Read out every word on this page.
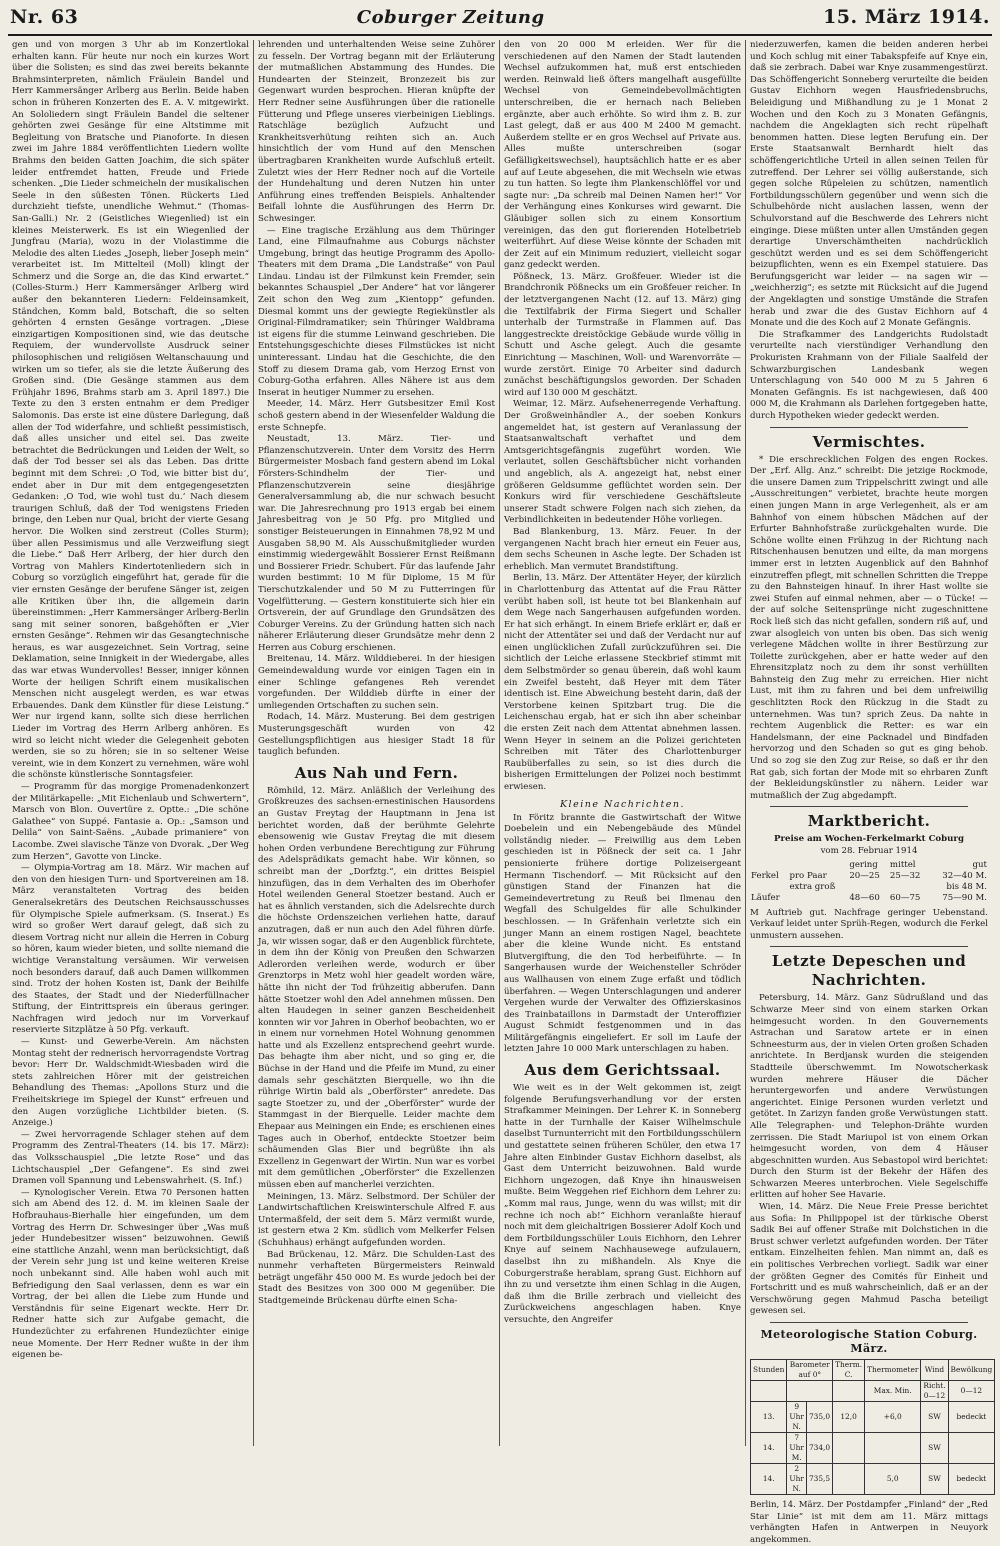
Nr. 63	Coburger Zeitung	15. März 1914.

gen und von morgen 3 Uhr ab im Konzertlokal erhalten kann. Für heute nur noch ein kurzes Wort über die Solisten; es sind das zwei bereits bekannte Brahmsinterpreten, nämlich Fräulein Bandel und Herr Kammersänger Arlberg aus Berlin. Beide haben schon in früheren Konzerten des E. A. V. mitgewirkt. An Sololiedern singt Fräulein Bandel die seltener gehörten zwei Gesänge für eine Altstimme mit Begleitung von Bratsche und Pianoforte. In diesen zwei im Jahre 1884 veröffentlichten Liedern wollte Brahms den beiden Gatten Joachim, die sich später leider entfremdet hatten, Freude und Friede schenken. „Die Lieder schmeicheln der musikalischen Seele in den süßesten Tönen. Rückerts Lied durchzieht tiefste, unendliche Wehmut.“ (Thomas-San-Galli.) Nr. 2 (Geistliches Wiegenlied) ist ein kleines Meisterwerk. Es ist ein Wiegenlied der Jungfrau (Maria), wozu in der Violastimme die Melodie des alten Liedes „Joseph, lieber Joseph mein“ verarbeitet ist. Im Mittelteil (Moll) klingt der Schmerz und die Sorge an, die das Kind erwartet.“ (Colles-Sturm.) Herr Kammersänger Arlberg wird außer den bekannteren Liedern: Feldeinsamkeit, Ständchen, Komm bald, Botschaft, die so selten gehörten 4 ernsten Gesänge vortragen. „Diese einzigartigen Kompositionen sind, wie das deutsche Requiem, der wundervollste Ausdruck seiner philosophischen und religiösen Weltanschauung und wirken um so tiefer, als sie die letzte Äußerung des Großen sind. (Die Gesänge stammen aus dem Frühjahr 1896, Brahms starb am 3. April 1897.) Die Texte zu den 3 ersten entnahm er dem Prediger Salomonis. Das erste ist eine düstere Darlegung, daß allen der Tod widerfahre, und schließt pessimistisch, daß alles unsicher und eitel sei. Das zweite betrachtet die Bedrückungen und Leiden der Welt, so daß der Tod besser sei als das Leben. Das dritte beginnt mit dem Schrei: ‚O Tod, wie bitter bist du‘, endet aber in Dur mit dem entgegengesetzten Gedanken: ‚O Tod, wie wohl tust du.‘ Nach diesem traurigen Schluß, daß der Tod wenigstens Frieden bringe, den Leben nur Qual, bricht der vierte Gesang hervor. Die Wolken sind zerstreut (Colles Sturm); über allen Pessimismus und alle Verzweiflung siegt die Liebe.“ Daß Herr Arlberg, der hier durch den Vortrag von Mahlers Kindertotenliedern sich in Coburg so vorzüglich eingeführt hat, gerade für die vier ernsten Gesänge der berufene Sänger ist, zeigen alle Kritiken über ihn, die allgemein darin übereinstimmen: „Herr Kammersänger Arlberg-Berlin sang mit seiner sonoren, baßgehöften er „Vier ernsten Gesänge“. Rehmen wir das Gesangtechnische heraus, es war ausgezeichnet. Sein Vortrag, seine Deklamation, seine Innigkeit in der Wiedergabe, alles das war etwas Wundervolles! Besser, inniger können Worte der heiligen Schrift einem musikalischen Menschen nicht ausgelegt werden, es war etwas Erbauendes. Dank dem Künstler für diese Leistung.“ Wer nur irgend kann, sollte sich diese herrlichen Lieder im Vortrag des Herrn Arlberg anhören. Es wird so leicht nicht wieder die Gelegenheit geboten werden, sie so zu hören; sie in so seltener Weise vereint, wie in dem Konzert zu vernehmen, wäre wohl die schönste künstlerische Sonntagsfeier.

— Programm für das morgige Promenadenkonzert der Militärkapelle: „Mit Eichenlaub und Schwertern“, Marsch von Blon. Ouvertüre z. Optte.: „Die schöne Galathee“ von Suppé. Fantasie a. Op.: „Samson und Delila“ von Saint-Saëns. „Aubade primaniere“ von Lacombe. Zwei slavische Tänze von Dvorak. „Der Weg zum Herzen“, Gavotte von Lincke.

— Olympia-Vortrag am 18. März. Wir machen auf den von den hiesigen Turn- und Sportvereinen am 18. März veranstalteten Vortrag des beiden Generalsekretärs des Deutschen Reichsausschusses für Olympische Spiele aufmerksam. (S. Inserat.) Es wird so großer Wert darauf gelegt, daß sich zu diesem Vortrag nicht nur allein die Herren in Coburg so hören, kaum wieder bieten, und sollte niemand die wichtige Veranstaltung versäumen. Wir verweisen noch besonders darauf, daß auch Damen willkommen sind. Trotz der hohen Kosten ist, Dank der Beihilfe des Staates, der Stadt und der Niederfüllnacher Stiftung, der Eintrittspreis ein überaus geringer. Nachfragen wird jedoch nur im Vorverkauf reservierte Sitzplätze à 50 Pfg. verkauft.

— Kunst- und Gewerbe-Verein. Am nächsten Montag steht der rednerisch hervorragendste Vortrag bevor: Herr Dr. Waldschmidt-Wiesbaden wird die stets zahlreichen Hörer mit der geistreichen Behandlung des Themas: „Apollons Sturz und die Freiheitskriege im Spiegel der Kunst“ erfreuen und den Augen vorzügliche Lichtbilder bieten. (S. Anzeige.)

— Zwei hervorragende Schlager stehen auf dem Programm des Zentral-Theaters (14. bis 17. März): das Volksschauspiel „Die letzte Rose“ und das Lichtschauspiel „Der Gefangene“. Es sind zwei Dramen voll Spannung und Lebenswahrheit. (S. Inf.)

— Kynologischer Verein. Etwa 70 Personen hatten sich am Abend des 12. d. M. im kleinen Saale der Hofbrauhaus-Bierhalle hier eingefunden, um dem Vortrag des Herrn Dr. Schwesinger über „Was muß jeder Hundebesitzer wissen“ beizuwohnen. Gewiß eine stattliche Anzahl, wenn man berücksichtigt, daß der Verein sehr jung ist und keine weiteren Kreise noch unbekannt sind. Alle haben wohl auch mit Befriedigung den Saal verlassen, denn es war ein Vortrag, der bei allen die Liebe zum Hunde und Verständnis für seine Eigenart weckte. Herr Dr. Redner hatte sich zur Aufgabe gemacht, die Hundezüchter zu erfahrenen Hundezüchter einige neue Momente. Der Herr Redner wußte in der ihm eigenen be-

lehrenden und unterhaltenden Weise seine Zuhörer zu fesseln. Der Vortrag begann mit der Erläuterung der mutmaßlichen Abstammung des Hundes. Die Hundearten der Steinzeit, Bronzezeit bis zur Gegenwart wurden besprochen. Hieran knüpfte der Herr Redner seine Ausführungen über die rationelle Fütterung und Pflege unseres vierbeinigen Lieblings. Ratschläge bezüglich Aufzucht und Krankheitsverhütung reihten sich an. Auch hinsichtlich der vom Hund auf den Menschen übertragbaren Krankheiten wurde Aufschluß erteilt. Zuletzt wies der Herr Redner noch auf die Vorteile der Hundehaltung und deren Nutzen hin unter Anführung eines treffenden Beispiels. Anhaltender Beifall lohnte die Ausführungen des Herrn Dr. Schwesinger.

— Eine tragische Erzählung aus dem Thüringer Land, eine Filmaufnahme aus Coburgs nächster Umgebung, bringt das heutige Programm des Apollo-Theaters mit dem Drama „Die Landstraße“ von Paul Lindau. Lindau ist der Filmkunst kein Fremder, sein bekanntes Schauspiel „Der Andere“ hat vor längerer Zeit schon den Weg zum „Kientopp“ gefunden. Diesmal kommt uns der gewiegte Regiekünstler als Original-Filmdramatiker; sein Thüringer Waldbrama ist eigens für die stumme Leinwand geschrieben. Die Entstehungsgeschichte dieses Filmstückes ist nicht uninteressant. Lindau hat die Geschichte, die den Stoff zu diesem Drama gab, vom Herzog Ernst von Coburg-Gotha erfahren. Alles Nähere ist aus dem Inserat in heutiger Nummer zu ersehen.

Meeder, 14. März. Herr Gutsbesitzer Emil Kost schoß gestern abend in der Wiesenfelder Waldung die erste Schnepfe.

Neustadt, 13. März. Tier- und Pflanzenschutzverein. Unter dem Vorsitz des Herrn Bürgermeister Mosbach fand gestern abend im Lokal Försters-Schindhelm der Tier- und Pflanzenschutzverein seine diesjährige Generalversammlung ab, die nur schwach besucht war. Die Jahresrechnung pro 1913 ergab bei einem Jahresbeitrag von je 50 Pfg. pro Mitglied und sonstiger Beisteuerungen in Einnahmen 78,92 M und Ausgaben 58,90 M. Als Ausschußmitglieder wurden einstimmig wiedergewählt Bossierer Ernst Reißmann und Bossierer Friedr. Schubert. Für das laufende Jahr wurden bestimmt: 10 M für Diplome, 15 M für Tierschutzkalender und 50 M zu Futterringen für Vogelfütterung. — Gestern konstituierte sich hier ein Ortsverein, der auf Grundlage den Grundsätzen des Coburger Vereins. Zu der Gründung hatten sich nach näherer Erläuterung dieser Grundsätze mehr denn 2 Herren aus Coburg erschienen.

Breitenau, 14. März. Wilddieberei. In der hiesigen Gemeindewaldung wurde vor einigen Tagen ein in einer Schlinge gefangenes Reh verendet vorgefunden. Der Wilddieb dürfte in einer der umliegenden Ortschaften zu suchen sein.

Rodach, 14. März. Musterung. Bei dem gestrigen Musterungsgeschäft wurden von 42 Gestellungspflichtigen aus hiesiger Stadt 18 für tauglich befunden.

Aus Nah und Fern.

Römhild, 12. März. Anläßlich der Verleihung des Großkreuzes des sachsen-ernestinischen Hausordens an Gustav Freytag der Hauptmann in Jena ist berichtet worden, daß der berühmte Gelehrte ebensowenig wie Gustav Freytag die mit diesem hohen Orden verbundene Berechtigung zur Führung des Adelsprädikats gemacht habe. Wir können, so schreibt man der „Dorfztg.“, ein drittes Beispiel hinzufügen, das in dem Verhalten des im Oberhofer Hotel weilenden General Stoetzer bestand. Auch er hat es ähnlich verstanden, sich die Adelsrechte durch die höchste Ordenszeichen verliehen hatte, darauf anzutragen, daß er nun auch den Adel führen dürfe. Ja, wir wissen sogar, daß er den Augenblick fürchtete, in dem ihn der König von Preußen den Schwarzen Adlerorden verleihen werde, wodurch er über Grenztorps in Metz wohl hier geadelt worden wäre, hätte ihn nicht der Tod frühzeitig abberufen. Dann hätte Stoetzer wohl den Adel annehmen müssen. Den alten Haudegen in seiner ganzen Bescheidenheit konnten wir vor Jahren in Oberhof beobachten, wo er in einem nur vornehmen Hotel Wohnung genommen hatte und als Exzellenz entsprechend geehrt wurde. Das behagte ihm aber nicht, und so ging er, die Büchse in der Hand und die Pfeife im Mund, zu einer damals sehr geschätzten Bierquelle, wo ihn die rührige Wirtin bald als „Oberförster“ anredete. Das sagte Stoetzer zu, und der „Oberförster“ wurde der Stammgast in der Bierquelle. Leider machte dem Ehepaar aus Meiningen ein Ende; es erschienen eines Tages auch in Oberhof, entdeckte Stoetzer beim schäumenden Glas Bier und begrüßte ihn als Exzellenz in Gegenwart der Wirtin. Nun war es vorbei mit dem gemütlichen „Oberförster“ die Exzellenzen müssen eben auf mancherlei verzichten.

Meiningen, 13. März. Selbstmord. Der Schüler der Landwirtschaftlichen Kreiswinterschule Alfred F. aus Untermaßfeld, der seit dem 5. März vermißt wurde, ist gestern etwa 2 Km. südlich vom Melkerfer Felsen (Schuhhaus) erhängt aufgefunden worden.

Bad Brückenau, 12. März. Die Schulden-Last des nunmehr verhafteten Bürgermeisters Reinwald beträgt ungefähr 450 000 M. Es wurde jedoch bei der Stadt des Besitzes von 300 000 M gegenüber. Die Stadtgemeinde Brückenau dürfte einen Scha-

den von 20 000 M erleiden. Wer für die verschiedenen auf den Namen der Stadt lautenden Wechsel aufzukommen hat, muß erst entschieden werden. Reinwald ließ öfters mangelhaft ausgefüllte Wechsel von Gemeindebevollmächtigten unterschreiben, die er hernach nach Belieben ergänzte, aber auch erhöhte. So wird ihm z. B. zur Last gelegt, daß er aus 400 M 2400 M gemacht. Außerdem stellte er en gros Wechsel auf Private aus. Alles mußte unterschreiben (sogar Gefälligkeitswechsel), hauptsächlich hatte er es aber auf auf Leute abgesehen, die mit Wechseln wie etwas zu tun hatten. So legte ihm Plankenschlöffel vor und sagte nur: „Da schreib mal Deinen Namen her!“ Vor der Verhängung eines Konkurses wird gewarnt. Die Gläubiger sollen sich zu einem Konsortium vereinigen, das den gut florierenden Hotelbetrieb weiterführt. Auf diese Weise könnte der Schaden mit der Zeit auf ein Minimum reduziert, vielleicht sogar ganz gedeckt werden.

Pößneck, 13. März. Großfeuer. Wieder ist die Brandchronik Pößnecks um ein Großfeuer reicher. In der letztvergangenen Nacht (12. auf 13. März) ging die Textilfabrik der Firma Siegert und Schaller unterhalb der Turmstraße in Flammen auf. Das langgestreckte dreistöckige Gebäude wurde völlig in Schutt und Asche gelegt. Auch die gesamte Einrichtung — Maschinen, Woll- und Warenvorräte — wurde zerstört. Einige 70 Arbeiter sind dadurch zunächst beschäftigungslos geworden. Der Schaden wird auf 130 000 M geschätzt.

Weimar, 12. März. Aufsehenerregende Verhaftung. Der Großweinhändler A., der soeben Konkurs angemeldet hat, ist gestern auf Veranlassung der Staatsanwaltschaft verhaftet und dem Amtsgerichtsgefängnis zugeführt worden. Wie verlautet, sollen Geschäftsbücher nicht vorhanden und angeblich, als A. angezeigt hat, nebst einer größeren Geldsumme geflüchtet worden sein. Der Konkurs wird für verschiedene Geschäftsleute unserer Stadt schwere Folgen nach sich ziehen, da Verbindlichkeiten in bedeutender Höhe vorliegen.

Bad Blankenburg, 13. März. Feuer. In der vergangenen Nacht brach hier erneut ein Feuer aus, dem sechs Scheunen in Asche legte. Der Schaden ist erheblich. Man vermutet Brandstiftung.

Berlin, 13. März. Der Attentäter Heyer, der kürzlich in Charlottenburg das Attentat auf die Frau Rätter verübt haben soll, ist heute tot bei Blankenhain auf dem Wege nach Sangerhausen aufgefunden worden. Er hat sich erhängt. In einem Briefe erklärt er, daß er nicht der Attentäter sei und daß der Verdacht nur auf einen unglücklichen Zufall zurückzuführen sei. Die sichtlich der Leiche erlassene Steckbrief stimmt mit dem Selbstmörder so genau überein, daß wohl kaum ein Zweifel besteht, daß Heyer mit dem Täter identisch ist. Eine Abweichung besteht darin, daß der Verstorbene keinen Spitzbart trug. Die die Leichenschau ergab, hat er sich ihn aber scheinbar die ersten Zeit nach dem Attentat abnehmen lassen. Wenn Heyer in seinem an die Polizei gerichteten Schreiben mit Täter des Charlottenburger Raubüberfalles zu sein, so ist dies durch die bisherigen Ermittelungen der Polizei noch bestimmt erwiesen.

Kleine Nachrichten.

In Föritz brannte die Gastwirtschaft der Witwe Doebelein und ein Nebengebäude des Mündel vollständig nieder. — Freiwillig aus dem Leben geschieden ist in Pößneck der seit ca. 1 Jahr pensionierte frühere dortige Polizeisergeant Hermann Tischendorf. — Mit Rücksicht auf den günstigen Stand der Finanzen hat die Gemeindevertretung zu Reuß bei Ilmenau den Wegfall des Schulgeldes für alle Schulkinder beschlossen. — In Gräfenhain verletzte sich ein junger Mann an einem rostigen Nagel, beachtete aber die kleine Wunde nicht. Es entstand Blutvergiftung, die den Tod herbeiführte. — In Sangerhausen wurde der Weichensteller Schröder aus Wallhausen von einem Zuge erfaßt und tödlich überfahren. — Wegen Unterschlagungen und anderer Vergehen wurde der Verwalter des Offizierskasinos des Trainbataillons in Darmstadt der Unteroffizier August Schmidt festgenommen und in das Militärgefängnis eingeliefert. Er soll im Laufe der letzten Jahre 10 000 Mark unterschlagen zu haben.

Aus dem Gerichtssaal.

Wie weit es in der Welt gekommen ist, zeigt folgende Berufungsverhandlung vor der ersten Strafkammer Meiningen. Der Lehrer K. in Sonneberg hatte in der Turnhalle der Kaiser Wilhelmschule daselbst Turnunterricht mit den Fortbildungsschülern und gestattete seinen früheren Schüler, den etwa 17 Jahre alten Einbinder Gustav Eichhorn daselbst, als Gast dem Unterricht beizuwohnen. Bald wurde Eichhorn ungezogen, daß Knye ihn hinausweisen mußte. Beim Weggehen rief Eichhorn dem Lehrer zu: „Komm mal raus, Junge, wenn du was willst; mit dir rechne ich noch ab!“ Eichhorn veranlaßte hierauf noch mit dem gleichaltrigen Bossierer Adolf Koch und dem Fortbildungsschüler Louis Eichhorn, den Lehrer Knye auf seinem Nachhausewege aufzulauern, daselbst ihn zu mißhandeln. Als Knye die Coburgerstraße herablam, sprang Gust. Eichhorn auf ihn zu und versetzte ihm einen Schlag in die Augen, daß ihm die Brille zerbrach und vielleicht des Zurückweichens angeschlagen haben. Knye versuchte, den Angreifer

niederzuwerfen, kamen die beiden anderen herbei und Koch schlug mit einer Tabakspfeife auf Knye ein, daß sie zerbrach. Dabei war Knye zusammengestürzt. Das Schöffengericht Sonneberg verurteilte die beiden Gustav Eichhorn wegen Hausfriedensbruchs, Beleidigung und Mißhandlung zu je 1 Monat 2 Wochen und den Koch zu 3 Monaten Gefängnis, nachdem die Angeklagten sich recht rüpelhaft benommen hatten. Diese legten Berufung ein. Der Erste Staatsanwalt Bernhardt hielt das schöffengerichtliche Urteil in allen seinen Teilen für zutreffend. Der Lehrer sei völlig außerstande, sich gegen solche Rüpeleien zu schützen, namentlich Fortbildungsschülern gegenüber und wenn sich die Schulbehörde nicht auslachen lassen, wenn der Schulvorstand auf die Beschwerde des Lehrers nicht einginge. Diese müßten unter allen Umständen gegen derartige Unverschämtheiten nachdrücklich geschützt werden und es sei dem Schöffengericht beizupflichten, wenn es ein Exempel statuiere. Das Berufungsgericht war leider — na sagen wir — „weichherzig“; es setzte mit Rücksicht auf die Jugend der Angeklagten und sonstige Umstände die Strafen herab und zwar die des Gustav Eichhorn auf 4 Monate und die des Koch auf 2 Monate Gefängnis.

Die Strafkammer des Landgerichts Rudolstadt verurteilte nach vierstündiger Verhandlung den Prokuristen Krahmann von der Filiale Saalfeld der Schwarzburgischen Landesbank wegen Unterschlagung von 540 000 M zu 5 Jahren 6 Monaten Gefängnis. Es ist nachgewiesen, daß 400 000 M, die Krahmann als Darlehen fortgegeben hatte, durch Hypotheken wieder gedeckt werden.

Vermischtes.

* Die erschrecklichen Folgen des engen Rockes. Der „Erf. Allg. Anz.“ schreibt: Die jetzige Rockmode, die unsere Damen zum Trippelschritt zwingt und alle „Ausschreitungen“ verbietet, brachte heute morgen einen jungen Mann in arge Verlegenheit, als er am Bahnhof von einem hübschen Mädchen auf der Erfurter Bahnhofstraße zurückgehalten wurde. Die Schöne wollte einen Frühzug in der Richtung nach Ritschenhausen benutzen und eilte, da man morgens immer erst in letzten Augenblick auf den Bahnhof einzutreffen pflegt, mit schnellen Schritten die Treppe zu den Bahnsteigen hinauf. In ihrer Hast wollte sie zwei Stufen auf einmal nehmen, aber — o Tücke! — der auf solche Seitensprünge nicht zugeschnittene Rock ließ sich das nicht gefallen, sondern riß auf, und zwar alsogleich von unten bis oben. Das sich wenig verlegene Mädchen wollte in ihrer Bestürzung zur Toilette zurückgehen, aber er hatte weder auf den Ehrensitzplatz noch zu dem ihr sonst verhüllten Bahnsteig den Zug mehr zu erreichen. Hier nicht Lust, mit ihm zu fahren und bei dem unfreiwillig geschlitzten Rock den Rückzug in die Stadt zu unternehmen. Was tun? sprich Zeus. Da nahte in rechtem Augenblick die Retter: es war ein Handelsmann, der eine Packnadel und Bindfaden hervorzog und den Schaden so gut es ging behob. Und so zog sie den Zug zur Reise, so daß er ihr den Rat gab, sich fortan der Mode mit so ehrbaren Zunft der Bekleidungskünstler zu nähern. Leider war mutmaßlich der Zug abgedampft.

Marktbericht.

Preise am Wochen-Ferkelmarkt Coburg

vom 28. Februar 1914

		gering	mittel	gut
Ferkel	pro Paar	20—25	25—32	32—40 M.
	extra groß			bis 48 M.
Läufer		48—60	60—75	75—90 M.

M Auftrieb gut. Nachfrage geringer Uebenstand. Verkauf leidet unter Sprüh-Regen, wodurch die Ferkel unmustern aussehen.

Letzte Depeschen und Nachrichten.

Petersburg, 14. März. Ganz Südrußland und das Schwarze Meer sind von einem starken Orkan heimgesucht worden. In den Gouvernements Astrachan und Saratow artete er in einen Schneesturm aus, der in vielen Orten großen Schaden anrichtete. In Berdjansk wurden die steigenden Stadtteile überschwemmt. Im Nowotscherkask wurden mehrere Häuser die Dächer heruntergeworfen und andere Verwüstungen angerichtet. Einige Personen wurden verletzt und getötet. In Zarizyn fanden große Verwüstungen statt. Alle Telegraphen- und Telephon-Drähte wurden zerrissen. Die Stadt Mariupol ist von einem Orkan heimgesucht worden, von dem 4 Häuser abgeschnitten wurden. Aus Sebastopol wird berichtet: Durch den Sturm ist der Bekehr der Häfen des Schwarzen Meeres unterbrochen. Viele Segelschiffe erlitten auf hoher See Havarie.

Wien, 14. März. Die Neue Freie Presse berichtet aus Sofia: In Philippopel ist der türkische Oberst Sadik Bei auf offener Straße mit Dolchstichen in die Brust schwer verletzt aufgefunden worden. Der Täter entkam. Einzelheiten fehlen. Man nimmt an, daß es ein politisches Verbrechen vorliegt. Sadik war einer der größten Gegner des Comités für Einheit und Fortschritt und es muß wahrscheinlich, daß er an der Verschwörung gegen Mahmud Pascha beteiligt gewesen sei.

Meteorologische Station Coburg. März.
Stunden	Barometer auf 0°		Therm. C.	Thermometer	Wind	Bewölkung
				Max. Min.	Richt. 0—12	0—12
13.	9 Uhr N.	735,0	12,0	+6,0	SW	bedeckt
14.	7 Uhr M.	734,0			SW	
14.	2 Uhr N.	735,5		5,0	SW	bedeckt

Berlin, 14. März. Der Postdampfer „Finland“ der „Red Star Linie“ ist mit dem am 11. März mittags verhängten Hafen in Antwerpen in Neuyork angekommen.
